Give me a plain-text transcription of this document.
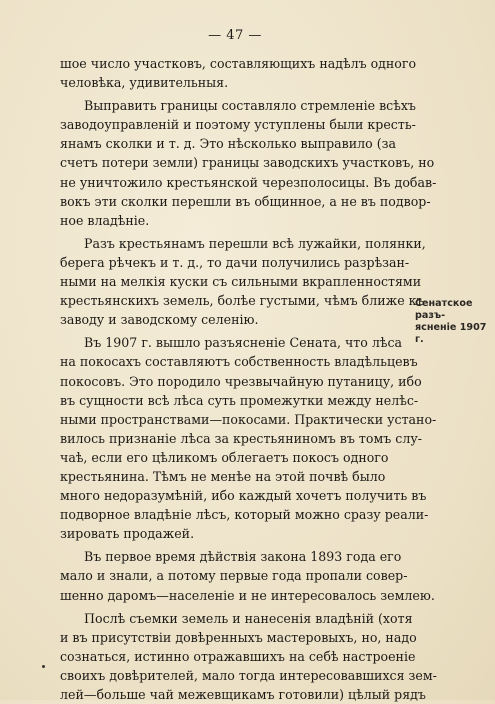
— 47 —
шое число участковъ, составляющихъ надѣлъ одного
человѣка, удивительныя.
Выправить границы составляло стремленіе всѣхъ
заводоуправленій и поэтому уступлены были кресть-
янамъ сколки и т. д. Это нѣсколько выправило (за
счетъ потери земли) границы заводскихъ участковъ, но
не уничтожило крестьянской черезполосицы. Въ добав-
вокъ эти сколки перешли въ общинное, а не въ подвор-
ное владѣніе.
Разъ крестьянамъ перешли всѣ лужайки, полянки,
берега рѣчекъ и т. д., то дачи получились разрѣзан-
ными на мелкія куски съ сильными вкрапленностями
крестьянскихъ земель, болѣе густыми, чѣмъ ближе къ
заводу и заводскому селенію.
Въ 1907 г. вышло разъясненіе Сената, что лѣса
на покосахъ составляютъ собственность владѣльцевъ
покосовъ. Это породило чрезвычайную путаницу, ибо
въ сущности всѣ лѣса суть промежутки между нелѣс-
ными пространствами—покосами. Практически устано-
вилось признаніе лѣса за крестьяниномъ въ томъ слу-
чаѣ, если его цѣликомъ облегаетъ покосъ одного
крестьянина. Тѣмъ не менѣе на этой почвѣ было
много недоразумѣній, ибо каждый хочетъ получить въ
подворное владѣніе лѣсъ, который можно сразу реали-
зировать продажей.
Въ первое время дѣйствія закона 1893 года его
мало и знали, а потому первые года пропали совер-
шенно даромъ—населеніе и не интересовалось землею.
Послѣ съемки земель и нанесенія владѣній (хотя
и въ присутствіи довѣренныхъ мастеровыхъ, но, надо
сознаться, истинно отражавшихъ на себѣ настроеніе
своихъ довѣрителей, мало тогда интересовавшихся зем-
лей—больше чай межевщикамъ готовили) цѣлый рядъ
Сенатское разъ-
ясненіе 1907 г.
